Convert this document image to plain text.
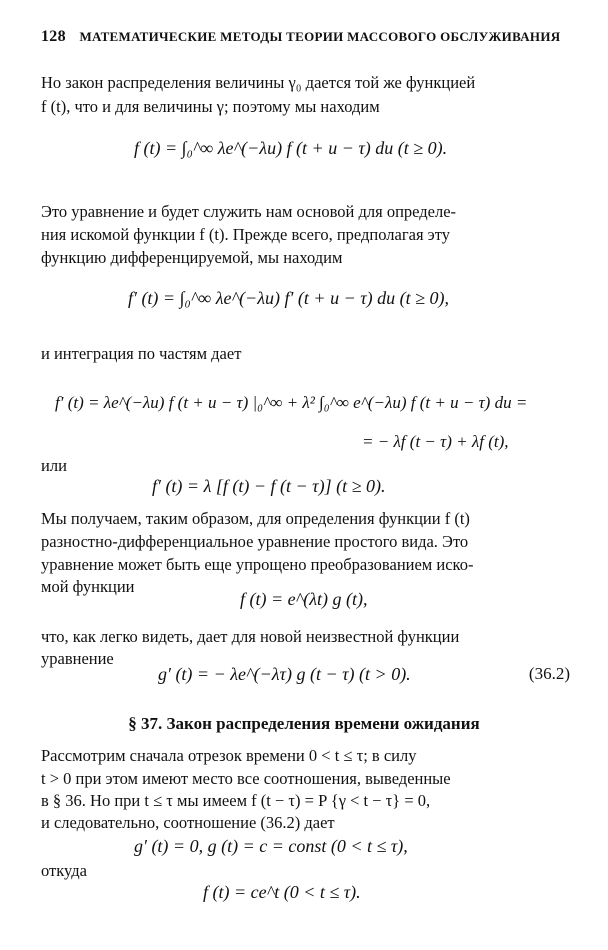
128 МАТЕМАТИЧЕСКИЕ МЕТОДЫ ТЕОРИИ МАССОВОГО ОБСЛУЖИВАНИЯ
Но закон распределения величины γ₀ дается той же функцией
f (t), что и для величины γ; поэтому мы находим
f (t) = ∫₀^∞ λe^(−λu) f (t + u − τ) du (t ≥ 0).
Это уравнение и будет служить нам основой для определе-
ния искомой функции f (t). Прежде всего, предполагая эту
функцию дифференцируемой, мы находим
f′ (t) = ∫₀^∞ λe^(−λu) f′ (t + u − τ) du (t ≥ 0),
и интеграция по частям дает
f′ (t) = λe^(−λu) f (t + u − τ) |₀^∞ + λ² ∫₀^∞ e^(−λu) f (t + u − τ) du =
= − λf (t − τ) + λf (t),
или
f′ (t) = λ [f (t) − f (t − τ)] (t ≥ 0).
Мы получаем, таким образом, для определения функции f (t)
разностно-дифференциальное уравнение простого вида. Это
уравнение может быть еще упрощено преобразованием иско-
мой функции
f (t) = e^(λt) g (t),
что, как легко видеть, дает для новой неизвестной функции
уравнение
g′ (t) = − λe^(−λτ) g (t − τ) (t > 0).	(36.2)
§ 37. Закон распределения времени ожидания
Рассмотрим сначала отрезок времени 0 < t ≤ τ; в силу
t > 0 при этом имеют место все соотношения, выведенные
в § 36. Но при t ≤ τ мы имеем f (t − τ) = P {γ < t − τ} = 0,
и следовательно, соотношение (36.2) дает
g′ (t) = 0, g (t) = c = const (0 < t ≤ τ),
откуда
f (t) = ce^t (0 < t ≤ τ).
